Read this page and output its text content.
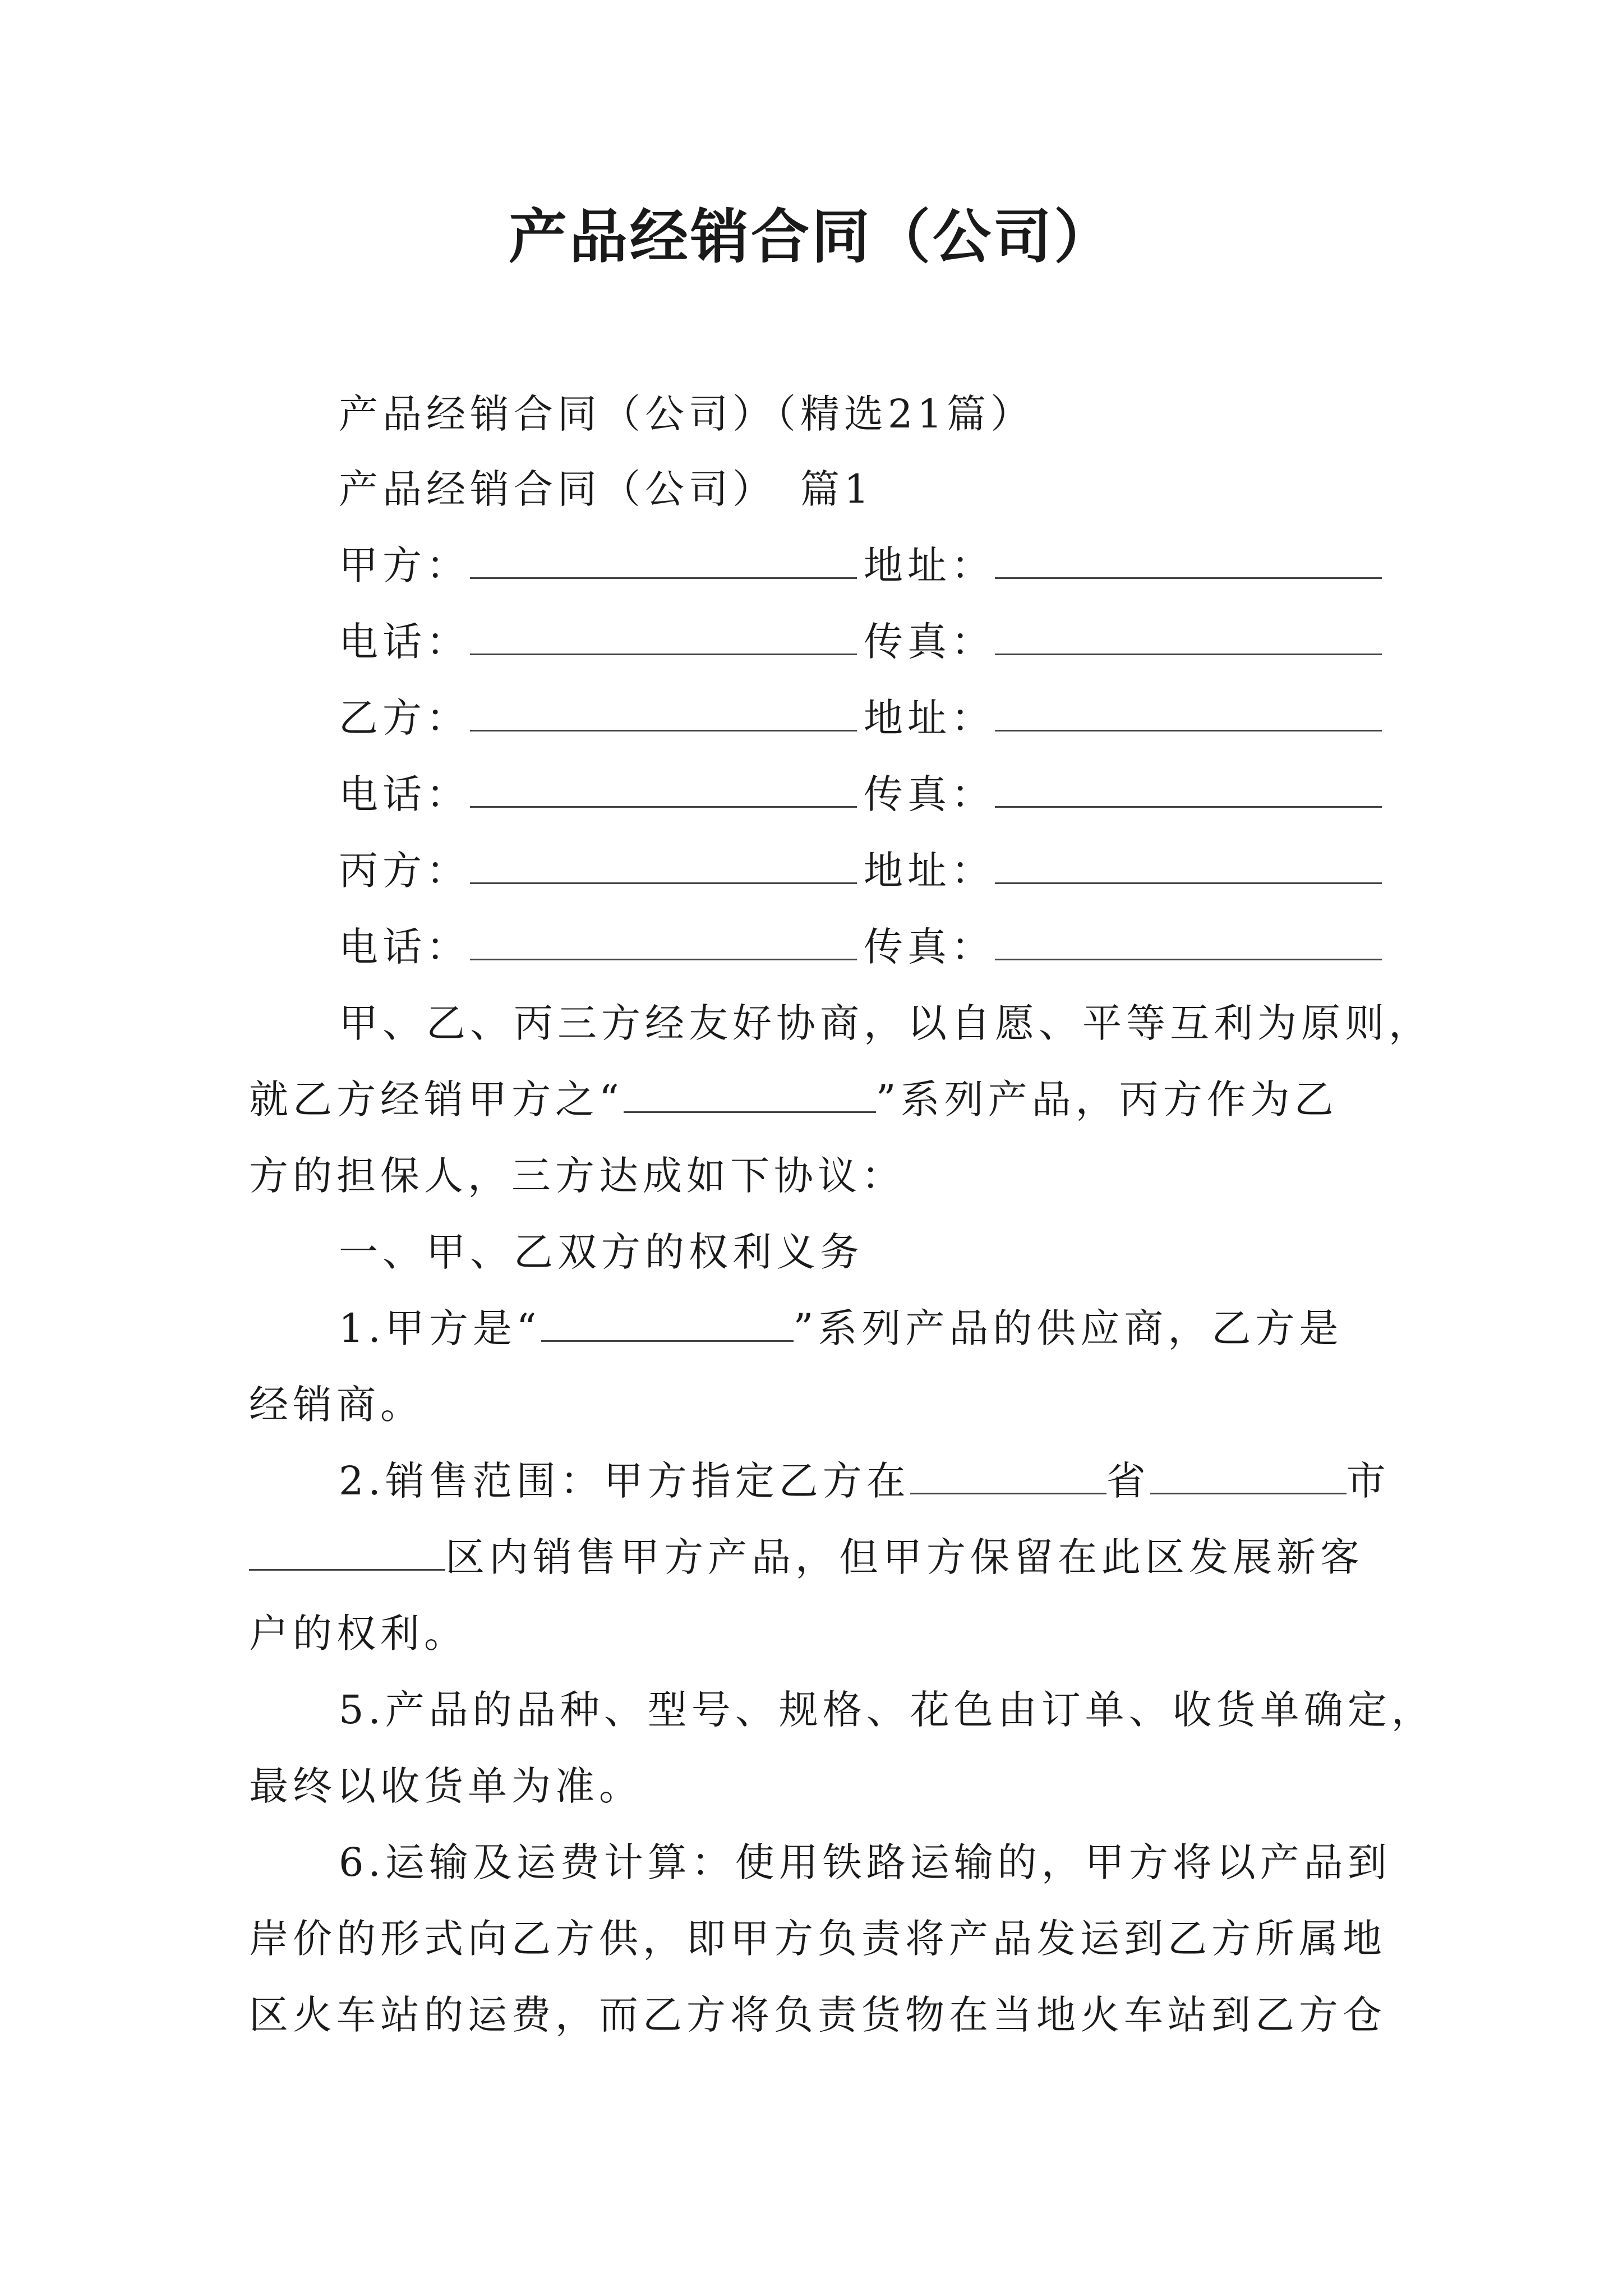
产品经销合同（公司）
产品经销合同（公司）（精选21篇）
产品经销合同（公司）　篇1
甲方：	地址：
电话：	传真：
乙方：	地址：
电话：	传真：
丙方：	地址：
电话：	传真：
甲、乙、丙三方经友好协商，以自愿、平等互利为原则，
就乙方经销甲方之“	”系列产品，丙方作为乙
方的担保人，三方达成如下协议：
一、甲、乙双方的权利义务
1.甲方是“	”系列产品的供应商，乙方是
经销商。
2.销售范围：甲方指定乙方在	省	市
区内销售甲方产品，但甲方保留在此区发展新客
户的权利。
5.产品的品种、型号、规格、花色由订单、收货单确定，
最终以收货单为准。
6.运输及运费计算：使用铁路运输的，甲方将以产品到
岸价的形式向乙方供，即甲方负责将产品发运到乙方所属地
区火车站的运费，而乙方将负责货物在当地火车站到乙方仓
